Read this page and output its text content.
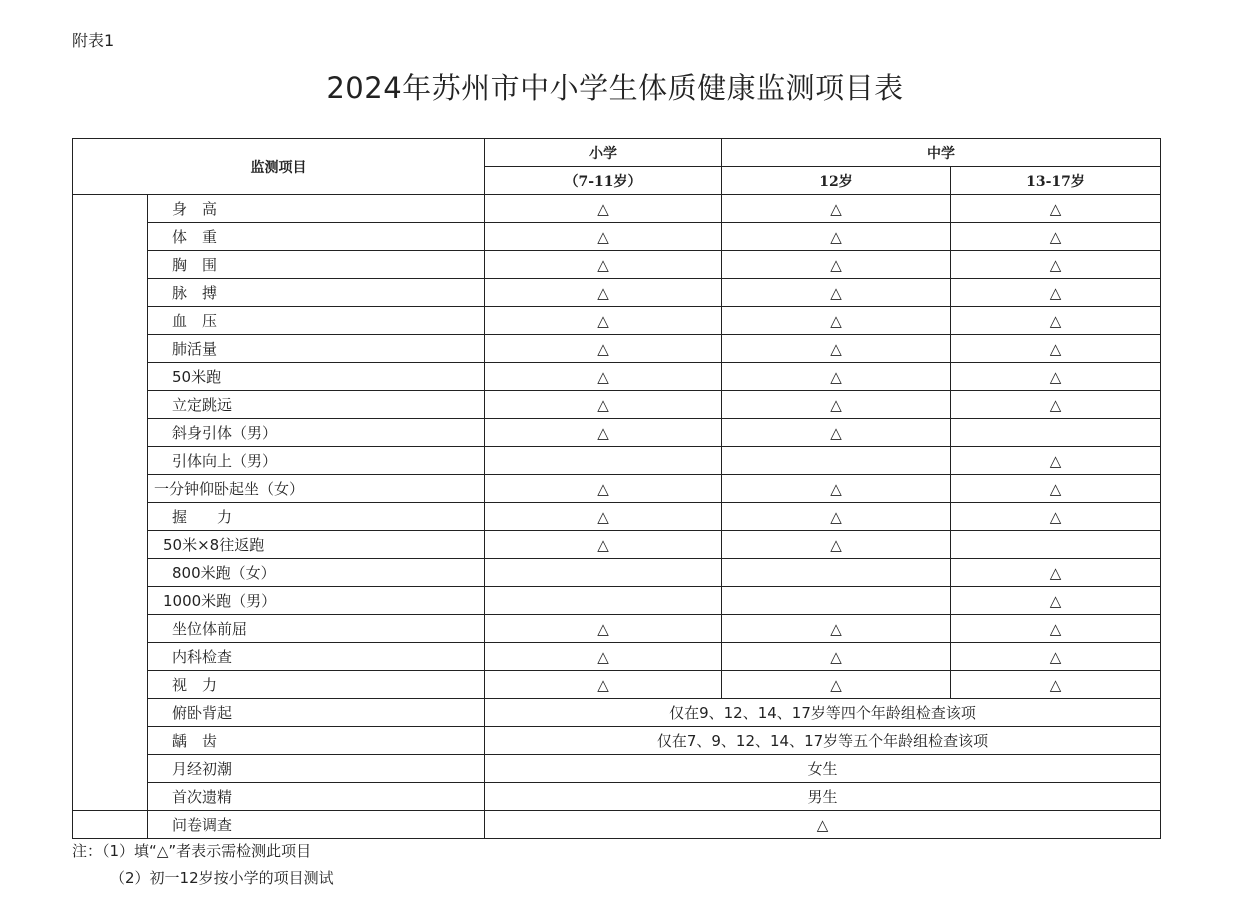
附表1
2024年苏州市中小学生体质健康监测项目表
监测项目		小学	中学	
		（7-11岁）	12岁	13-17岁
	身　高	△	△	△
	体　重	△	△	△
	胸　围	△	△	△
	脉　搏	△	△	△
	血　压	△	△	△
	肺活量	△	△	△
	50米跑	△	△	△
	立定跳远	△	△	△
	斜身引体（男）	△	△	
	引体向上（男）			△
	一分钟仰卧起坐（女）	△	△	△
	握　　力	△	△	△
	50米×8往返跑	△	△	
	800米跑（女）			△
	1000米跑（男）			△
	坐位体前屈	△	△	△
	内科检查	△	△	△
	视　力	△	△	△
	俯卧背起	仅在9、12、14、17岁等四个年龄组检查该项		
	龋　齿	仅在7、9、12、14、17岁等五个年龄组检查该项		
	月经初潮	女生		
	首次遗精	男生		
	问卷调查	△		
注：（1）填“△”者表示需检测此项目
（2）初一12岁按小学的项目测试
